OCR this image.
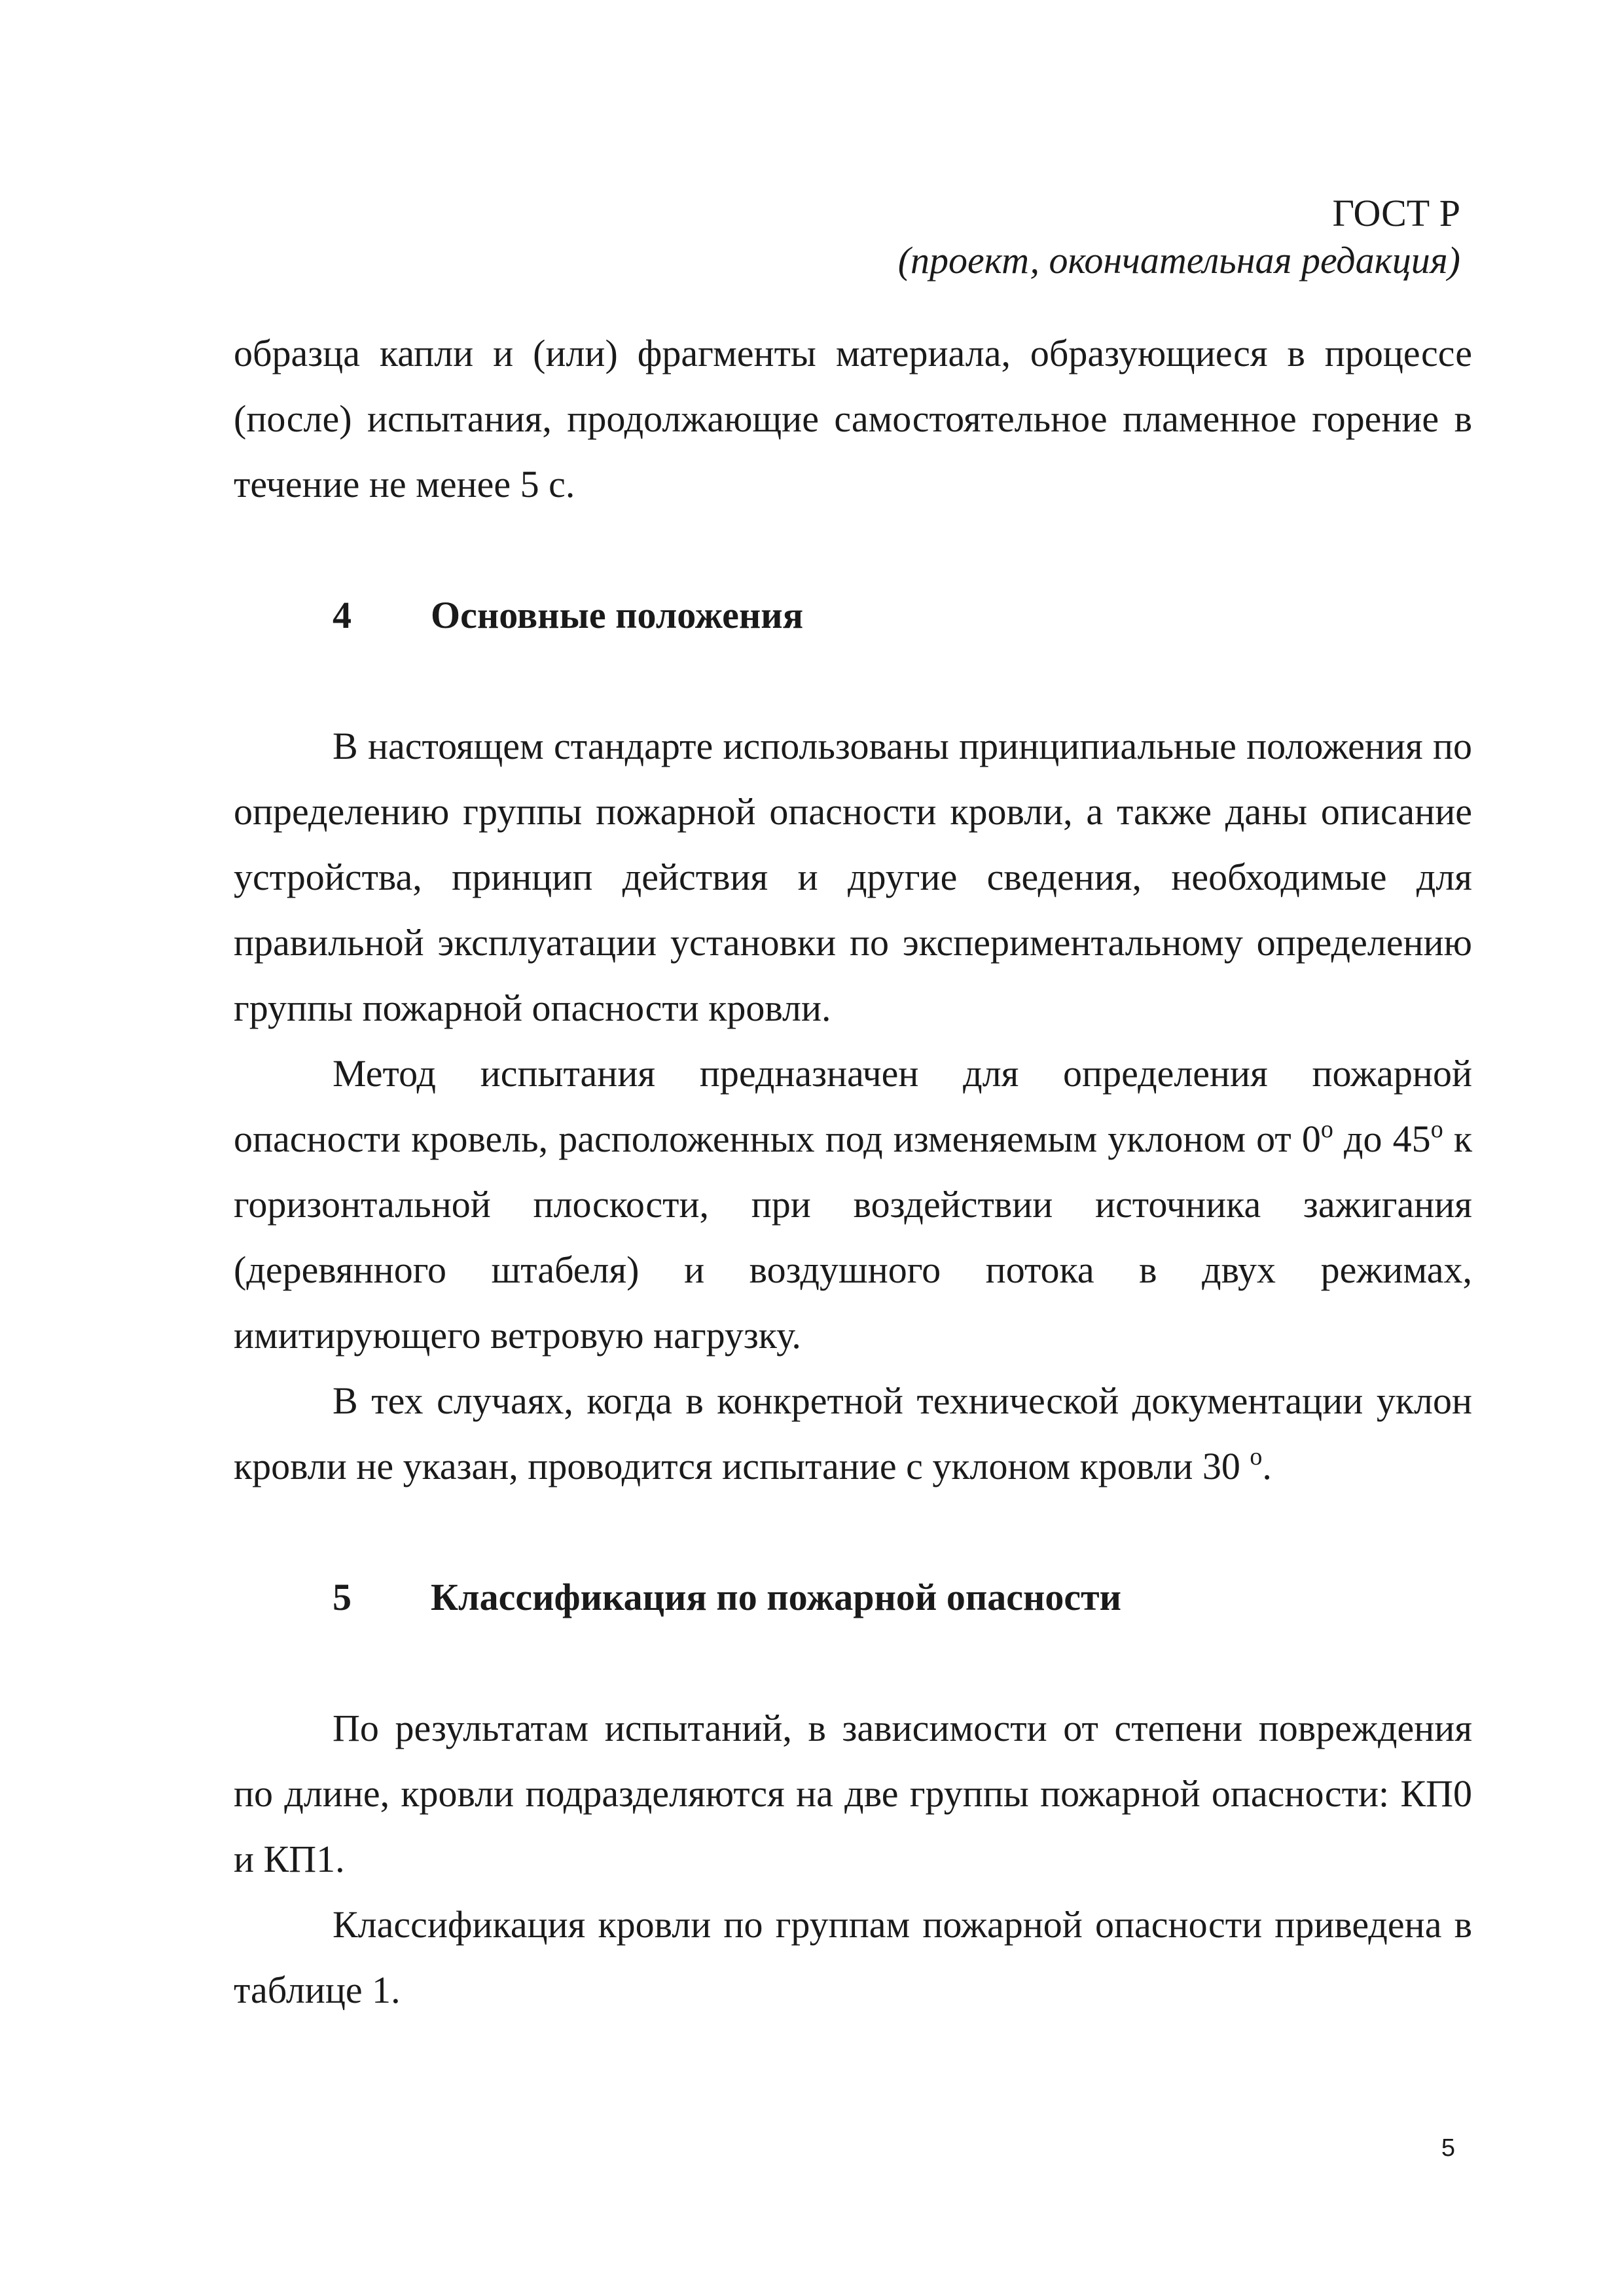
ГОСТ Р
(проект, окончательная редакция)

образца капли и (или) фрагменты материала, образующиеся в процессе (после) испытания, продолжающие самостоятельное пламенное горение в течение не менее 5 с.

4	Основные положения

В настоящем стандарте использованы принципиальные положения по определению группы пожарной опасности кровли, а также даны описание устройства, принцип действия и другие сведения, необходимые для правильной эксплуатации установки по экспериментальному определению группы пожарной опасности кровли.

Метод испытания предназначен для определения пожарной опасности кровель, расположенных под изменяемым уклоном от $0^о$ до $45^о$ к горизонтальной плоскости, при воздействии источника зажигания (деревянного штабеля) и воздушного потока в двух режимах, имитирующего ветровую нагрузку.

В тех случаях, когда в конкретной технической документации уклон кровли не указан, проводится испытание с уклоном кровли 30 $^о$.

5	Классификация по пожарной опасности

По результатам испытаний, в зависимости от степени повреждения по длине, кровли подразделяются на две группы пожарной опасности: КП0 и КП1.

Классификация кровли по группам пожарной опасности приведена в таблице 1.

5
